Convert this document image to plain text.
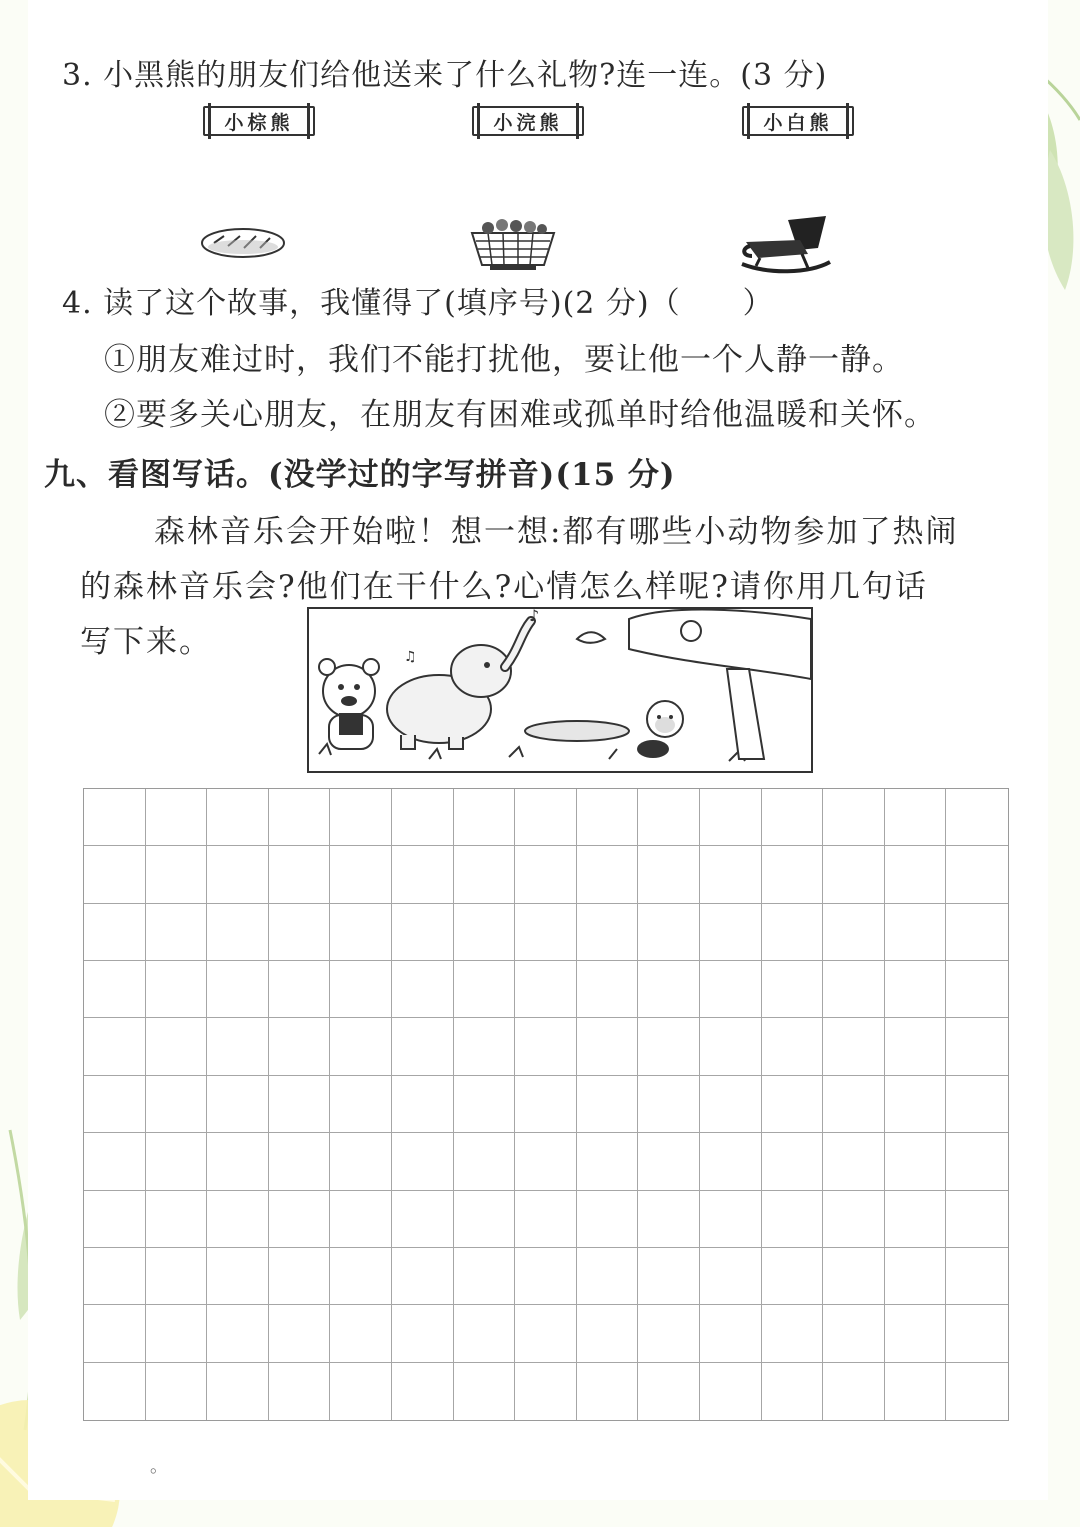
3. 小黑熊的朋友们给他送来了什么礼物?连一连。(3 分)
小棕熊	小浣熊	小白熊
4. 读了这个故事，我懂得了(填序号)(2 分)（　　）
①朋友难过时，我们不能打扰他，要让他一个人静一静。
②要多关心朋友，在朋友有困难或孤单时给他温暖和关怀。
九、看图写话。(没学过的字写拼音)(15 分)
森林音乐会开始啦！想一想:都有哪些小动物参加了热闹
的森林音乐会?他们在干什么?心情怎么样呢?请你用几句话
写下来。
♪
♫
。
